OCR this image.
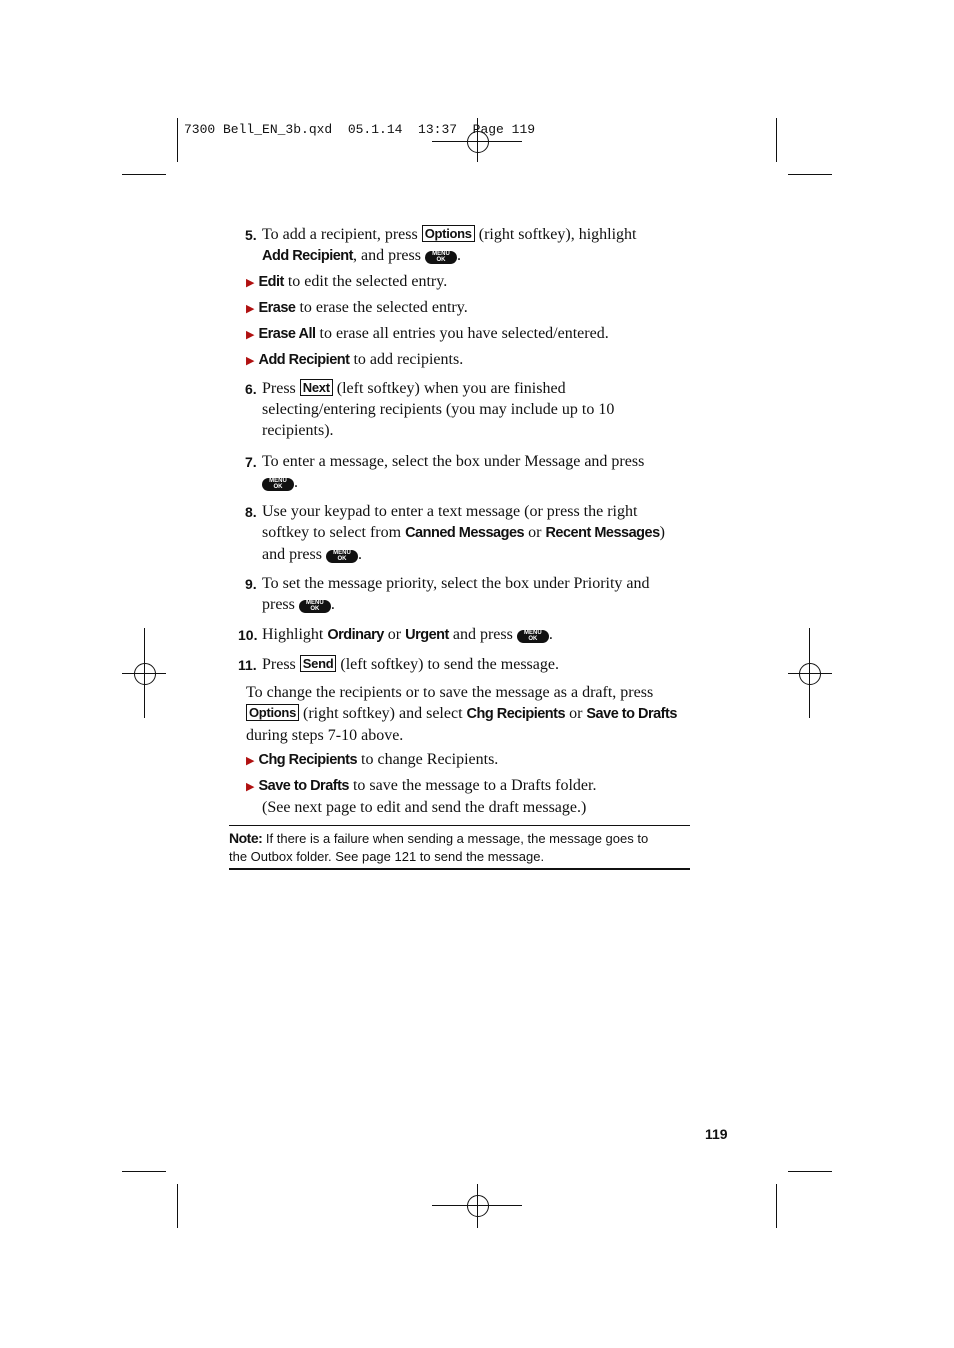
7300 Bell_EN_3b.qxd  05.1.14  13:37  Page 119
5. To add a recipient, press Options (right softkey), highlight
Add Recipient, and press	MENU
OK .
▶ Edit to edit the selected entry.
▶ Erase to erase the selected entry.
▶ Erase All to erase all entries you have selected/entered.
▶ Add Recipient to add recipients.
6. Press Next (left softkey) when you are finished
selecting/entering recipients (you may include up to 10
recipients).
7. To enter a message, select the box under Message and press
MENU
OK .
8. Use your keypad to enter a text message (or press the right
softkey to select from Canned Messages or Recent Messages)
and press	MENU
OK .
9. To set the message priority, select the box under Priority and
press	MENU
OK .
10. Highlight Ordinary or Urgent and press	MENU
OK .
11. Press Send (left softkey) to send the message.
To change the recipients or to save the message as a draft, press
Options (right softkey) and select Chg Recipients or Save to Drafts
during steps 7-10 above.
▶ Chg Recipients to change Recipients.
▶ Save to Drafts to save the message to a Drafts folder.
(See next page to edit and send the draft message.)
Note: If there is a failure when sending a message, the message goes to
the Outbox folder. See page 121 to send the message.
119
